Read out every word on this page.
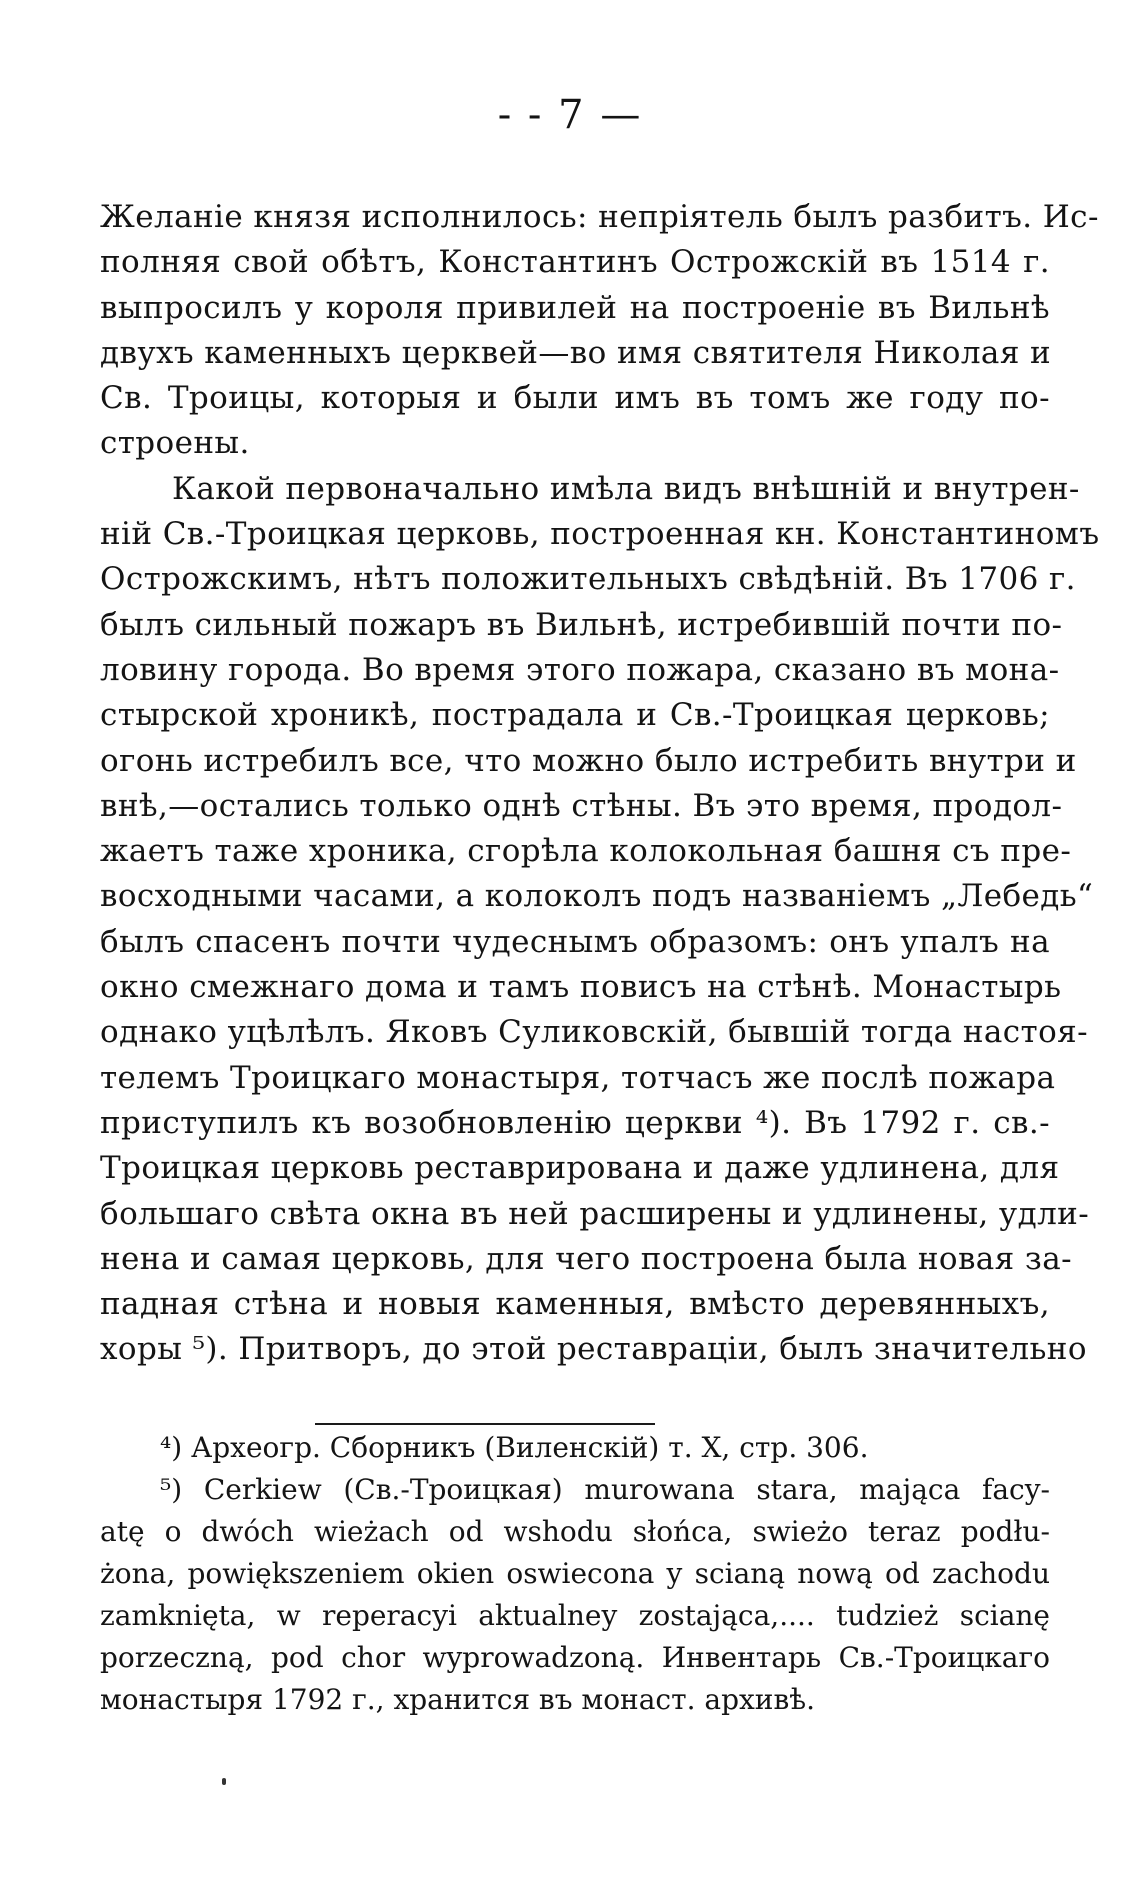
- - 7 —
Желаніе князя исполнилось: непріятель былъ разбитъ. Ис-
полняя свой обѣтъ, Константинъ Острожскій въ 1514 г.
выпросилъ у короля привилей на построеніе въ Вильнѣ
двухъ каменныхъ церквей—во имя святителя Николая и
Св. Троицы, которыя и были имъ въ томъ же году по-
строены.
Какой первоначально имѣла видъ внѣшній и внутрен-
ній Св.-Троицкая церковь, построенная кн. Константиномъ
Острожскимъ, нѣтъ положительныхъ свѣдѣній. Въ 1706 г.
былъ сильный пожаръ въ Вильнѣ, истребившій почти по-
ловину города. Во время этого пожара, сказано въ мона-
стырской хроникѣ, пострадала и Св.-Троицкая церковь;
огонь истребилъ все, что можно было истребить внутри и
внѣ,—остались только однѣ стѣны. Въ это время, продол-
жаетъ таже хроника, сгорѣла колокольная башня съ пре-
восходными часами, а колоколъ подъ названіемъ „Лебедь“
былъ спасенъ почти чудеснымъ образомъ: онъ упалъ на
окно смежнаго дома и тамъ повисъ на стѣнѣ. Монастырь
однако уцѣлѣлъ. Яковъ Суликовскій, бывшій тогда настоя-
телемъ Троицкаго монастыря, тотчасъ же послѣ пожара
приступилъ къ возобновленію церкви ⁴). Въ 1792 г. св.-
Троицкая церковь реставрирована и даже удлинена, для
большаго свѣта окна въ ней расширены и удлинены, удли-
нена и самая церковь, для чего построена была новая за-
падная стѣна и новыя каменныя, вмѣсто деревянныхъ,
хоры ⁵). Притворъ, до этой реставраціи, былъ значительно
⁴) Археогр. Сборникъ (Виленскій) т. X, стр. 306.
⁵) Cerkiew (Св.-Троицкая) murowana stara, mająca facy-
atę o dwóch wieżach od wshodu słońca, swieżo teraz podłu-
żona, powiększeniem okien oswiecona y scianą nową od zachodu
zamknięta, w reperacyi aktualney zostająca,.... tudzież scianę
porzeczną, pod chor wyprowadzoną. Инвентарь Св.-Троицкаго
монастыря 1792 г., хранится въ монаст. архивѣ.
